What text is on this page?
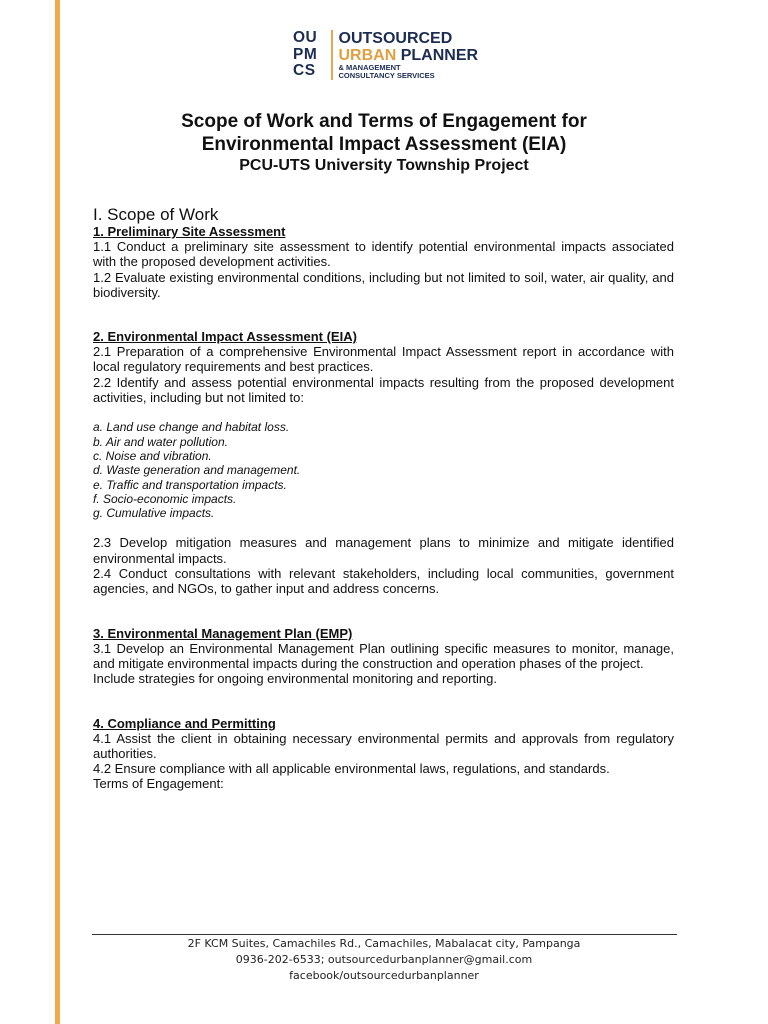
OU
PM
CS
OUTSOURCED
URBAN PLANNER
& MANAGEMENT
CONSULTANCY SERVICES
Scope of Work and Terms of Engagement for
Environmental Impact Assessment (EIA)
PCU-UTS University Township Project
I. Scope of Work
1. Preliminary Site Assessment

1.1 Conduct a preliminary site assessment to identify potential environmental impacts associated with the proposed development activities.

1.2 Evaluate existing environmental conditions, including but not limited to soil, water, air quality, and biodiversity.

2. Environmental Impact Assessment (EIA)

2.1 Preparation of a comprehensive Environmental Impact Assessment report in accordance with local regulatory requirements and best practices.

2.2 Identify and assess potential environmental impacts resulting from the proposed development activities, including but not limited to:

a. Land use change and habitat loss.
b. Air and water pollution.
c. Noise and vibration.
d. Waste generation and management.
e. Traffic and transportation impacts.
f. Socio-economic impacts.
g. Cumulative impacts.

2.3 Develop mitigation measures and management plans to minimize and mitigate identified environmental impacts.

2.4 Conduct consultations with relevant stakeholders, including local communities, government agencies, and NGOs, to gather input and address concerns.

3. Environmental Management Plan (EMP)

3.1 Develop an Environmental Management Plan outlining specific measures to monitor, manage, and mitigate environmental impacts during the construction and operation phases of the project.

Include strategies for ongoing environmental monitoring and reporting.

4. Compliance and Permitting

4.1 Assist the client in obtaining necessary environmental permits and approvals from regulatory authorities.

4.2 Ensure compliance with all applicable environmental laws, regulations, and standards.

Terms of Engagement:

2F KCM Suites, Camachiles Rd., Camachiles, Mabalacat city, Pampanga
0936-202-6533; outsourcedurbanplanner@gmail.com
facebook/outsourcedurbanplanner
